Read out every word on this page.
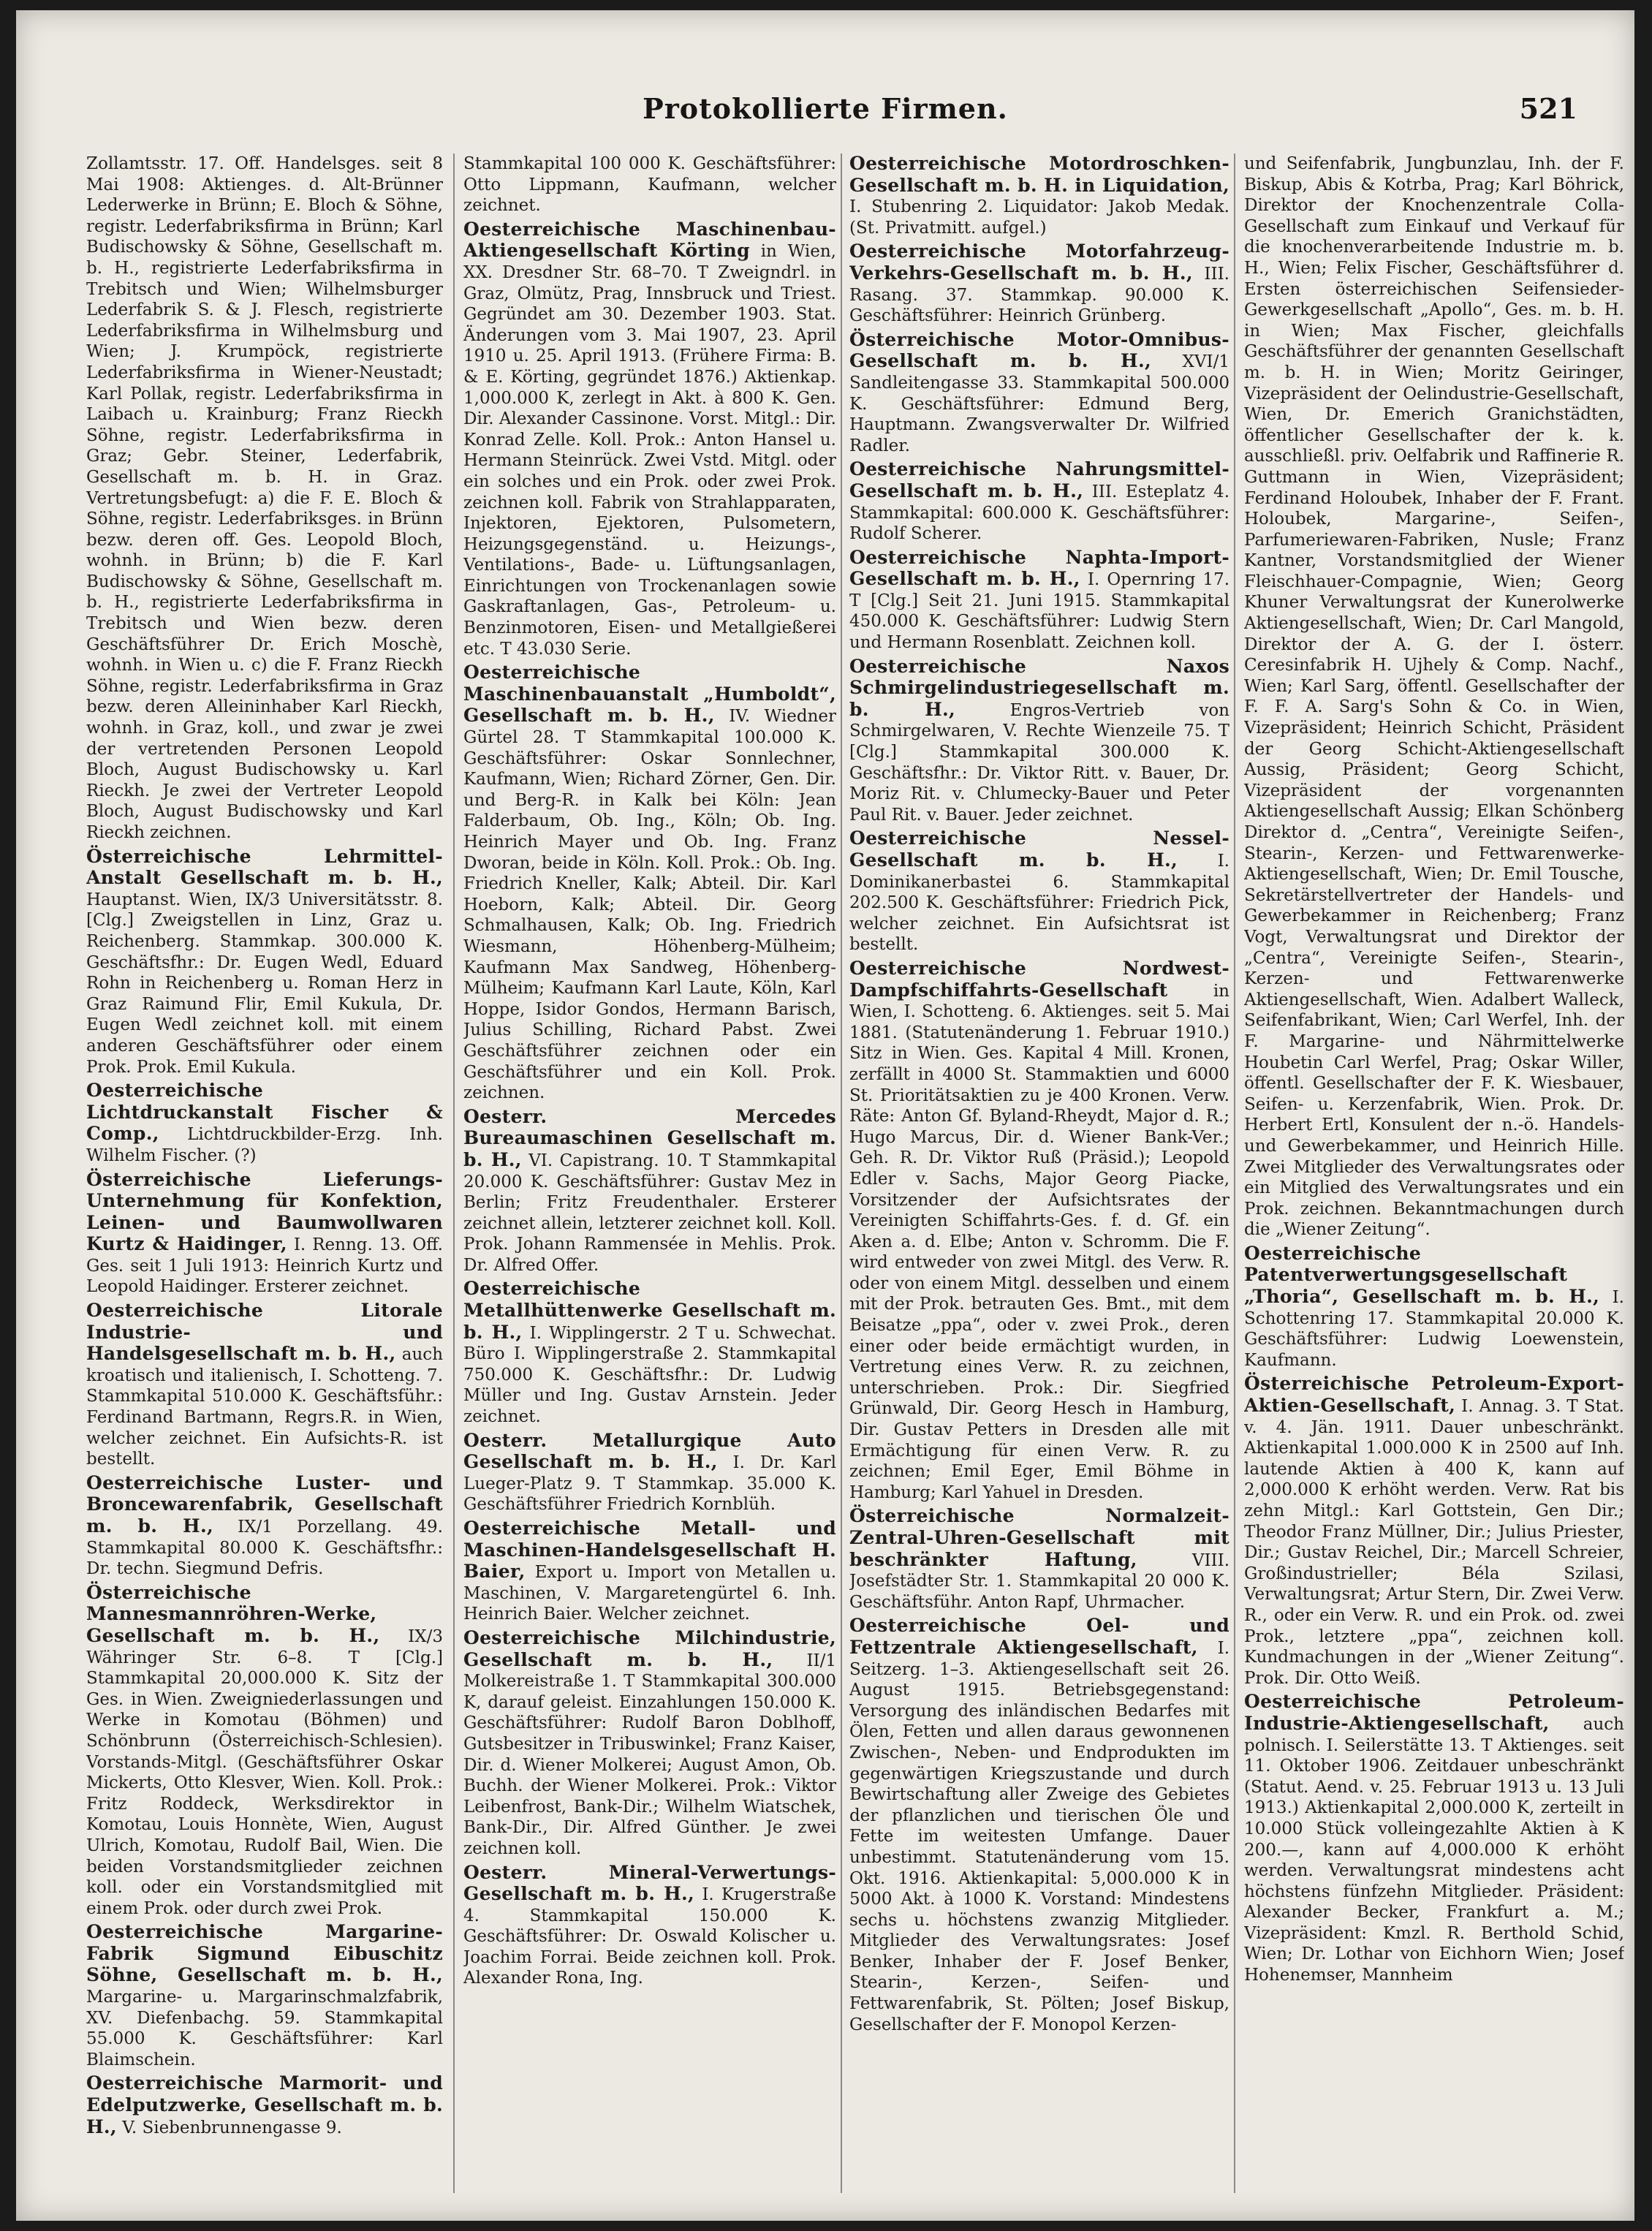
Protokollierte Firmen.	521

Zollamtsstr. 17. Off. Handelsges. seit 8 Mai 1908: Aktienges. d. Alt-Brünner Lederwerke in Brünn; E. Bloch & Söhne, registr. Lederfabriksfirma in Brünn; Karl Budischowsky & Söhne, Gesellschaft m. b. H., registrierte Lederfabriksfirma in Trebitsch und Wien; Wilhelmsburger Lederfabrik S. & J. Flesch, registrierte Lederfabriksfirma in Wilhelmsburg und Wien; J. Krumpöck, registrierte Lederfabriksfirma in Wiener-Neustadt; Karl Pollak, registr. Lederfabriksfirma in Laibach u. Krainburg; Franz Rieckh Söhne, registr. Lederfabriksfirma in Graz; Gebr. Steiner, Lederfabrik, Gesellschaft m. b. H. in Graz. Vertretungsbefugt: a) die F. E. Bloch & Söhne, registr. Lederfabriksges. in Brünn bezw. deren off. Ges. Leopold Bloch, wohnh. in Brünn; b) die F. Karl Budischowsky & Söhne, Gesellschaft m. b. H., registrierte Lederfabriksfirma in Trebitsch und Wien bezw. deren Geschäftsführer Dr. Erich Moschè, wohnh. in Wien u. c) die F. Franz Rieckh Söhne, registr. Lederfabriksfirma in Graz bezw. deren Alleininhaber Karl Rieckh, wohnh. in Graz, koll., und zwar je zwei der vertretenden Personen Leopold Bloch, August Budischowsky u. Karl Rieckh. Je zwei der Vertreter Leopold Bloch, August Budischowsky und Karl Rieckh zeichnen.

Österreichische Lehrmittel-Anstalt Gesellschaft m. b. H., Hauptanst. Wien, IX/3 Universitätsstr. 8. [Clg.] Zweigstellen in Linz, Graz u. Reichenberg. Stammkap. 300.000 K. Geschäftsfhr.: Dr. Eugen Wedl, Eduard Rohn in Reichenberg u. Roman Herz in Graz Raimund Flir, Emil Kukula, Dr. Eugen Wedl zeichnet koll. mit einem anderen Geschäftsführer oder einem Prok. Prok. Emil Kukula.

Oesterreichische Lichtdruckanstalt Fischer & Comp., Lichtdruckbilder-Erzg. Inh. Wilhelm Fischer. (?)

Österreichische Lieferungs-Unternehmung für Konfektion, Leinen- und Baumwollwaren Kurtz & Haidinger, I. Renng. 13. Off. Ges. seit 1 Juli 1913: Heinrich Kurtz und Leopold Haidinger. Ersterer zeichnet.

Oesterreichische Litorale Industrie- und Handelsgesellschaft m. b. H., auch kroatisch und italienisch, I. Schotteng. 7. Stammkapital 510.000 K. Geschäftsführ.: Ferdinand Bartmann, Regrs.R. in Wien, welcher zeichnet. Ein Aufsichts-R. ist bestellt.

Oesterreichische Luster- und Broncewarenfabrik, Gesellschaft m. b. H., IX/1 Porzellang. 49. Stammkapital 80.000 K. Geschäftsfhr.: Dr. techn. Siegmund Defris.

Österreichische Mannesmannröhren-Werke, Gesellschaft m. b. H., IX/3 Währinger Str. 6–8. T [Clg.] Stammkapital 20,000.000 K. Sitz der Ges. in Wien. Zweigniederlassungen und Werke in Komotau (Böhmen) und Schönbrunn (Österreichisch-Schlesien). Vorstands-Mitgl. (Geschäftsführer Oskar Mickerts, Otto Klesver, Wien. Koll. Prok.: Fritz Roddeck, Werksdirektor in Komotau, Louis Honnète, Wien, August Ulrich, Komotau, Rudolf Bail, Wien. Die beiden Vorstandsmitglieder zeichnen koll. oder ein Vorstandsmitglied mit einem Prok. oder durch zwei Prok.

Oesterreichische Margarine-Fabrik Sigmund Eibuschitz Söhne, Gesellschaft m. b. H., Margarine- u. Margarinschmalzfabrik, XV. Diefenbachg. 59. Stammkapital 55.000 K. Geschäftsführer: Karl Blaimschein.

Oesterreichische Marmorit- und Edelputzwerke, Gesellschaft m. b. H., V. Siebenbrunnengasse 9.

Stammkapital 100 000 K. Geschäftsführer: Otto Lippmann, Kaufmann, welcher zeichnet.

Oesterreichische Maschinenbau-Aktiengesellschaft Körting in Wien, XX. Dresdner Str. 68–70. T Zweigndrl. in Graz, Olmütz, Prag, Innsbruck und Triest. Gegründet am 30. Dezember 1903. Stat. Änderungen vom 3. Mai 1907, 23. April 1910 u. 25. April 1913. (Frühere Firma: B. & E. Körting, gegründet 1876.) Aktienkap. 1,000.000 K, zerlegt in Akt. à 800 K. Gen. Dir. Alexander Cassinone. Vorst. Mitgl.: Dir. Konrad Zelle. Koll. Prok.: Anton Hansel u. Hermann Steinrück. Zwei Vstd. Mitgl. oder ein solches und ein Prok. oder zwei Prok. zeichnen koll. Fabrik von Strahlapparaten, Injektoren, Ejektoren, Pulsometern, Heizungsgegenständ. u. Heizungs-, Ventilations-, Bade- u. Lüftungsanlagen, Einrichtungen von Trockenanlagen sowie Gaskraftanlagen, Gas-, Petroleum- u. Benzinmotoren, Eisen- und Metallgießerei etc. T 43.030 Serie.

Oesterreichische Maschinenbauanstalt „Humboldt“, Gesellschaft m. b. H., IV. Wiedner Gürtel 28. T Stammkapital 100.000 K. Geschäftsführer: Oskar Sonnlechner, Kaufmann, Wien; Richard Zörner, Gen. Dir. und Berg-R. in Kalk bei Köln: Jean Falderbaum, Ob. Ing., Köln; Ob. Ing. Heinrich Mayer und Ob. Ing. Franz Dworan, beide in Köln. Koll. Prok.: Ob. Ing. Friedrich Kneller, Kalk; Abteil. Dir. Karl Hoeborn, Kalk; Abteil. Dir. Georg Schmalhausen, Kalk; Ob. Ing. Friedrich Wiesmann, Höhenberg-Mülheim; Kaufmann Max Sandweg, Höhenberg-Mülheim; Kaufmann Karl Laute, Köln, Karl Hoppe, Isidor Gondos, Hermann Barisch, Julius Schilling, Richard Pabst. Zwei Geschäftsführer zeichnen oder ein Geschäftsführer und ein Koll. Prok. zeichnen.

Oesterr. Mercedes Bureaumaschinen Gesellschaft m. b. H., VI. Capistrang. 10. T Stammkapital 20.000 K. Geschäftsführer: Gustav Mez in Berlin; Fritz Freudenthaler. Ersterer zeichnet allein, letzterer zeichnet koll. Koll. Prok. Johann Rammensée in Mehlis. Prok. Dr. Alfred Offer.

Oesterreichische Metallhüttenwerke Gesellschaft m. b. H., I. Wipplingerstr. 2 T u. Schwechat. Büro I. Wipplingerstraße 2. Stammkapital 750.000 K. Geschäftsfhr.: Dr. Ludwig Müller und Ing. Gustav Arnstein. Jeder zeichnet.

Oesterr. Metallurgique Auto Gesellschaft m. b. H., I. Dr. Karl Lueger-Platz 9. T Stammkap. 35.000 K. Geschäftsführer Friedrich Kornblüh.

Oesterreichische Metall- und Maschinen-Handelsgesellschaft H. Baier, Export u. Import von Metallen u. Maschinen, V. Margaretengürtel 6. Inh. Heinrich Baier. Welcher zeichnet.

Oesterreichische Milchindustrie, Gesellschaft m. b. H., II/1 Molkereistraße 1. T Stammkapital 300.000 K, darauf geleist. Einzahlungen 150.000 K. Geschäftsführer: Rudolf Baron Doblhoff, Gutsbesitzer in Tribuswinkel; Franz Kaiser, Dir. d. Wiener Molkerei; August Amon, Ob. Buchh. der Wiener Molkerei. Prok.: Viktor Leibenfrost, Bank-Dir.; Wilhelm Wiatschek, Bank-Dir., Dir. Alfred Günther. Je zwei zeichnen koll.

Oesterr. Mineral-Verwertungs-Gesellschaft m. b. H., I. Krugerstraße 4. Stammkapital 150.000 K. Geschäftsführer: Dr. Oswald Kolischer u. Joachim Forrai. Beide zeichnen koll. Prok. Alexander Rona, Ing.

Oesterreichische Motordroschken-Gesellschaft m. b. H. in Liquidation, I. Stubenring 2. Liquidator: Jakob Medak. (St. Privatmitt. aufgel.)

Oesterreichische Motorfahrzeug-Verkehrs-Gesellschaft m. b. H., III. Rasang. 37. Stammkap. 90.000 K. Geschäftsführer: Heinrich Grünberg.

Österreichische Motor-Omnibus-Gesellschaft m. b. H., XVI/1 Sandleitengasse 33. Stammkapital 500.000 K. Geschäftsführer: Edmund Berg, Hauptmann. Zwangsverwalter Dr. Wilfried Radler.

Oesterreichische Nahrungsmittel-Gesellschaft m. b. H., III. Esteplatz 4. Stammkapital: 600.000 K. Geschäftsführer: Rudolf Scherer.

Oesterreichische Naphta-Import-Gesellschaft m. b. H., I. Opernring 17. T [Clg.] Seit 21. Juni 1915. Stammkapital 450.000 K. Geschäftsführer: Ludwig Stern und Hermann Rosenblatt. Zeichnen koll.

Oesterreichische Naxos Schmirgelindustriegesellschaft m. b. H.,	Engros-Vertrieb von Schmirgelwaren, V. Rechte Wienzeile 75. T [Clg.] Stammkapital 300.000 K. Geschäftsfhr.: Dr. Viktor Ritt. v. Bauer, Dr. Moriz Rit. v. Chlumecky-Bauer und Peter Paul Rit. v. Bauer. Jeder zeichnet.

Oesterreichische Nessel-Gesellschaft m. b. H., I. Dominikanerbastei 6. Stammkapital 202.500 K. Geschäftsführer: Friedrich Pick, welcher zeichnet. Ein Aufsichtsrat ist bestellt.

Oesterreichische Nordwest-Dampfschiffahrts-Gesellschaft	in Wien, I. Schotteng. 6. Aktienges. seit 5. Mai 1881. (Statutenänderung 1. Februar 1910.) Sitz in Wien. Ges. Kapital 4 Mill. Kronen, zerfällt in 4000 St. Stammaktien und 6000 St. Prioritätsaktien zu je 400 Kronen. Verw. Räte: Anton Gf. Byland-Rheydt, Major d. R.; Hugo Marcus, Dir. d. Wiener Bank-Ver.; Geh. R. Dr. Viktor Ruß (Präsid.); Leopold Edler v. Sachs, Major Georg Piacke, Vorsitzender der Aufsichtsrates der Vereinigten Schiffahrts-Ges. f. d. Gf. ein Aken a. d. Elbe; Anton v. Schromm. Die F. wird entweder von zwei Mitgl. des Verw. R. oder von einem Mitgl. desselben und einem mit der Prok. betrauten Ges. Bmt., mit dem Beisatze „ppa“, oder v. zwei Prok., deren einer oder beide ermächtigt wurden, in Vertretung eines Verw. R. zu zeichnen, unterschrieben. Prok.: Dir. Siegfried Grünwald, Dir. Georg Hesch in Hamburg, Dir. Gustav Petters in Dresden alle mit Ermächtigung für einen Verw. R. zu zeichnen; Emil Eger, Emil Böhme in Hamburg; Karl Yahuel in Dresden.

Österreichische Normalzeit-Zentral-Uhren-Gesellschaft mit beschränkter Haftung,	VIII. Josefstädter Str. 1. Stammkapital 20 000 K. Geschäftsführ. Anton Rapf, Uhrmacher.

Oesterreichische Oel- und Fettzentrale Aktiengesellschaft, I. Seitzerg. 1–3. Aktiengesellschaft seit 26. August 1915. Betriebsgegenstand: Versorgung des inländischen Bedarfes mit Ölen, Fetten und allen daraus gewonnenen Zwischen-, Neben- und Endprodukten im gegenwärtigen Kriegszustande und durch Bewirtschaftung aller Zweige des Gebietes der pflanzlichen und tierischen Öle und Fette im weitesten Umfange. Dauer unbestimmt. Statutenänderung vom 15. Okt. 1916. Aktienkapital: 5,000.000 K in 5000 Akt. à 1000 K. Vorstand: Mindestens sechs u. höchstens zwanzig Mitglieder. Mitglieder des Verwaltungsrates: Josef Benker, Inhaber der F. Josef Benker, Stearin-, Kerzen-, Seifen- und Fettwarenfabrik, St. Pölten; Josef Biskup, Gesellschafter der F. Monopol Kerzen-

und Seifenfabrik, Jungbunzlau, Inh. der F. Biskup, Abis & Kotrba, Prag; Karl Böhrick, Direktor der Knochenzentrale Colla-Gesellschaft zum Einkauf und Verkauf für die knochenverarbeitende Industrie m. b. H., Wien; Felix Fischer, Geschäftsführer d. Ersten österreichischen Seifensieder-Gewerkgesellschaft „Apollo“, Ges. m. b. H. in Wien; Max Fischer, gleichfalls Geschäftsführer der genannten Gesellschaft m. b. H. in Wien; Moritz Geiringer, Vizepräsident der Oelindustrie-Gesellschaft, Wien, Dr. Emerich Granichstädten, öffentlicher Gesellschafter der k. k. ausschließl. priv. Oelfabrik und Raffinerie R. Guttmann in Wien, Vizepräsident; Ferdinand Holoubek, Inhaber der F. Frant. Holoubek, Margarine-, Seifen-, Parfumeriewaren-Fabriken, Nusle; Franz Kantner, Vorstandsmitglied der Wiener Fleischhauer-Compagnie, Wien; Georg Khuner Verwaltungsrat der Kunerolwerke Aktiengesellschaft, Wien; Dr. Carl Mangold, Direktor der A. G. der I. österr. Ceresinfabrik H. Ujhely & Comp. Nachf., Wien; Karl Sarg, öffentl. Gesellschafter der F. F. A. Sarg's Sohn & Co. in Wien, Vizepräsident; Heinrich Schicht, Präsident der Georg Schicht-Aktiengesellschaft Aussig, Präsident; Georg Schicht, Vizepräsident der vorgenannten Aktiengesellschaft Aussig; Elkan Schönberg Direktor d. „Centra“, Vereinigte Seifen-, Stearin-, Kerzen- und Fettwarenwerke-Aktiengesellschaft, Wien; Dr. Emil Tousche, Sekretärstellvertreter der Handels- und Gewerbekammer in Reichenberg; Franz Vogt, Verwaltungsrat und Direktor der „Centra“, Vereinigte Seifen-, Stearin-, Kerzen- und Fettwarenwerke Aktiengesellschaft, Wien. Adalbert Walleck, Seifenfabrikant, Wien; Carl Werfel, Inh. der F. Margarine- und Nährmittelwerke Houbetin Carl Werfel, Prag; Oskar Willer, öffentl. Gesellschafter der F. K. Wiesbauer, Seifen- u. Kerzenfabrik, Wien. Prok. Dr. Herbert Ertl, Konsulent der n.-ö. Handels- und Gewerbekammer, und Heinrich Hille. Zwei Mitglieder des Verwaltungsrates oder ein Mitglied des Verwaltungsrates und ein Prok. zeichnen. Bekanntmachungen durch die „Wiener Zeitung“.

Oesterreichische Patentverwertungsgesellschaft „Thoria“, Gesellschaft m. b. H., I. Schottenring 17. Stammkapital 20.000 K. Geschäftsführer: Ludwig Loewenstein, Kaufmann.

Österreichische Petroleum-Export-Aktien-Gesellschaft, I. Annag. 3. T Stat. v. 4. Jän. 1911. Dauer unbeschränkt. Aktienkapital 1.000.000 K in 2500 auf Inh. lautende Aktien à 400 K, kann auf 2,000.000 K erhöht werden. Verw. Rat bis zehn Mitgl.: Karl Gottstein, Gen Dir.; Theodor Franz Müllner, Dir.; Julius Priester, Dir.; Gustav Reichel, Dir.; Marcell Schreier, Großindustrieller; Béla Szilasi, Verwaltungsrat; Artur Stern, Dir. Zwei Verw. R., oder ein Verw. R. und ein Prok. od. zwei Prok., letztere „ppa“, zeichnen koll. Kundmachungen in der „Wiener Zeitung“. Prok. Dir. Otto Weiß.

Oesterreichische Petroleum-Industrie-Aktiengesellschaft, auch polnisch. I. Seilerstätte 13. T Aktienges. seit 11. Oktober 1906. Zeitdauer unbeschränkt (Statut. Aend. v. 25. Februar 1913 u. 13 Juli 1913.) Aktienkapital 2,000.000 K, zerteilt in 10.000 Stück volleingezahlte Aktien à K 200.—, kann auf 4,000.000 K erhöht werden. Verwaltungsrat mindestens acht höchstens fünfzehn Mitglieder. Präsident: Alexander Becker, Frankfurt a. M.; Vizepräsident: Kmzl. R. Berthold Schid, Wien; Dr. Lothar von Eichhorn Wien; Josef Hohenemser, Mannheim
